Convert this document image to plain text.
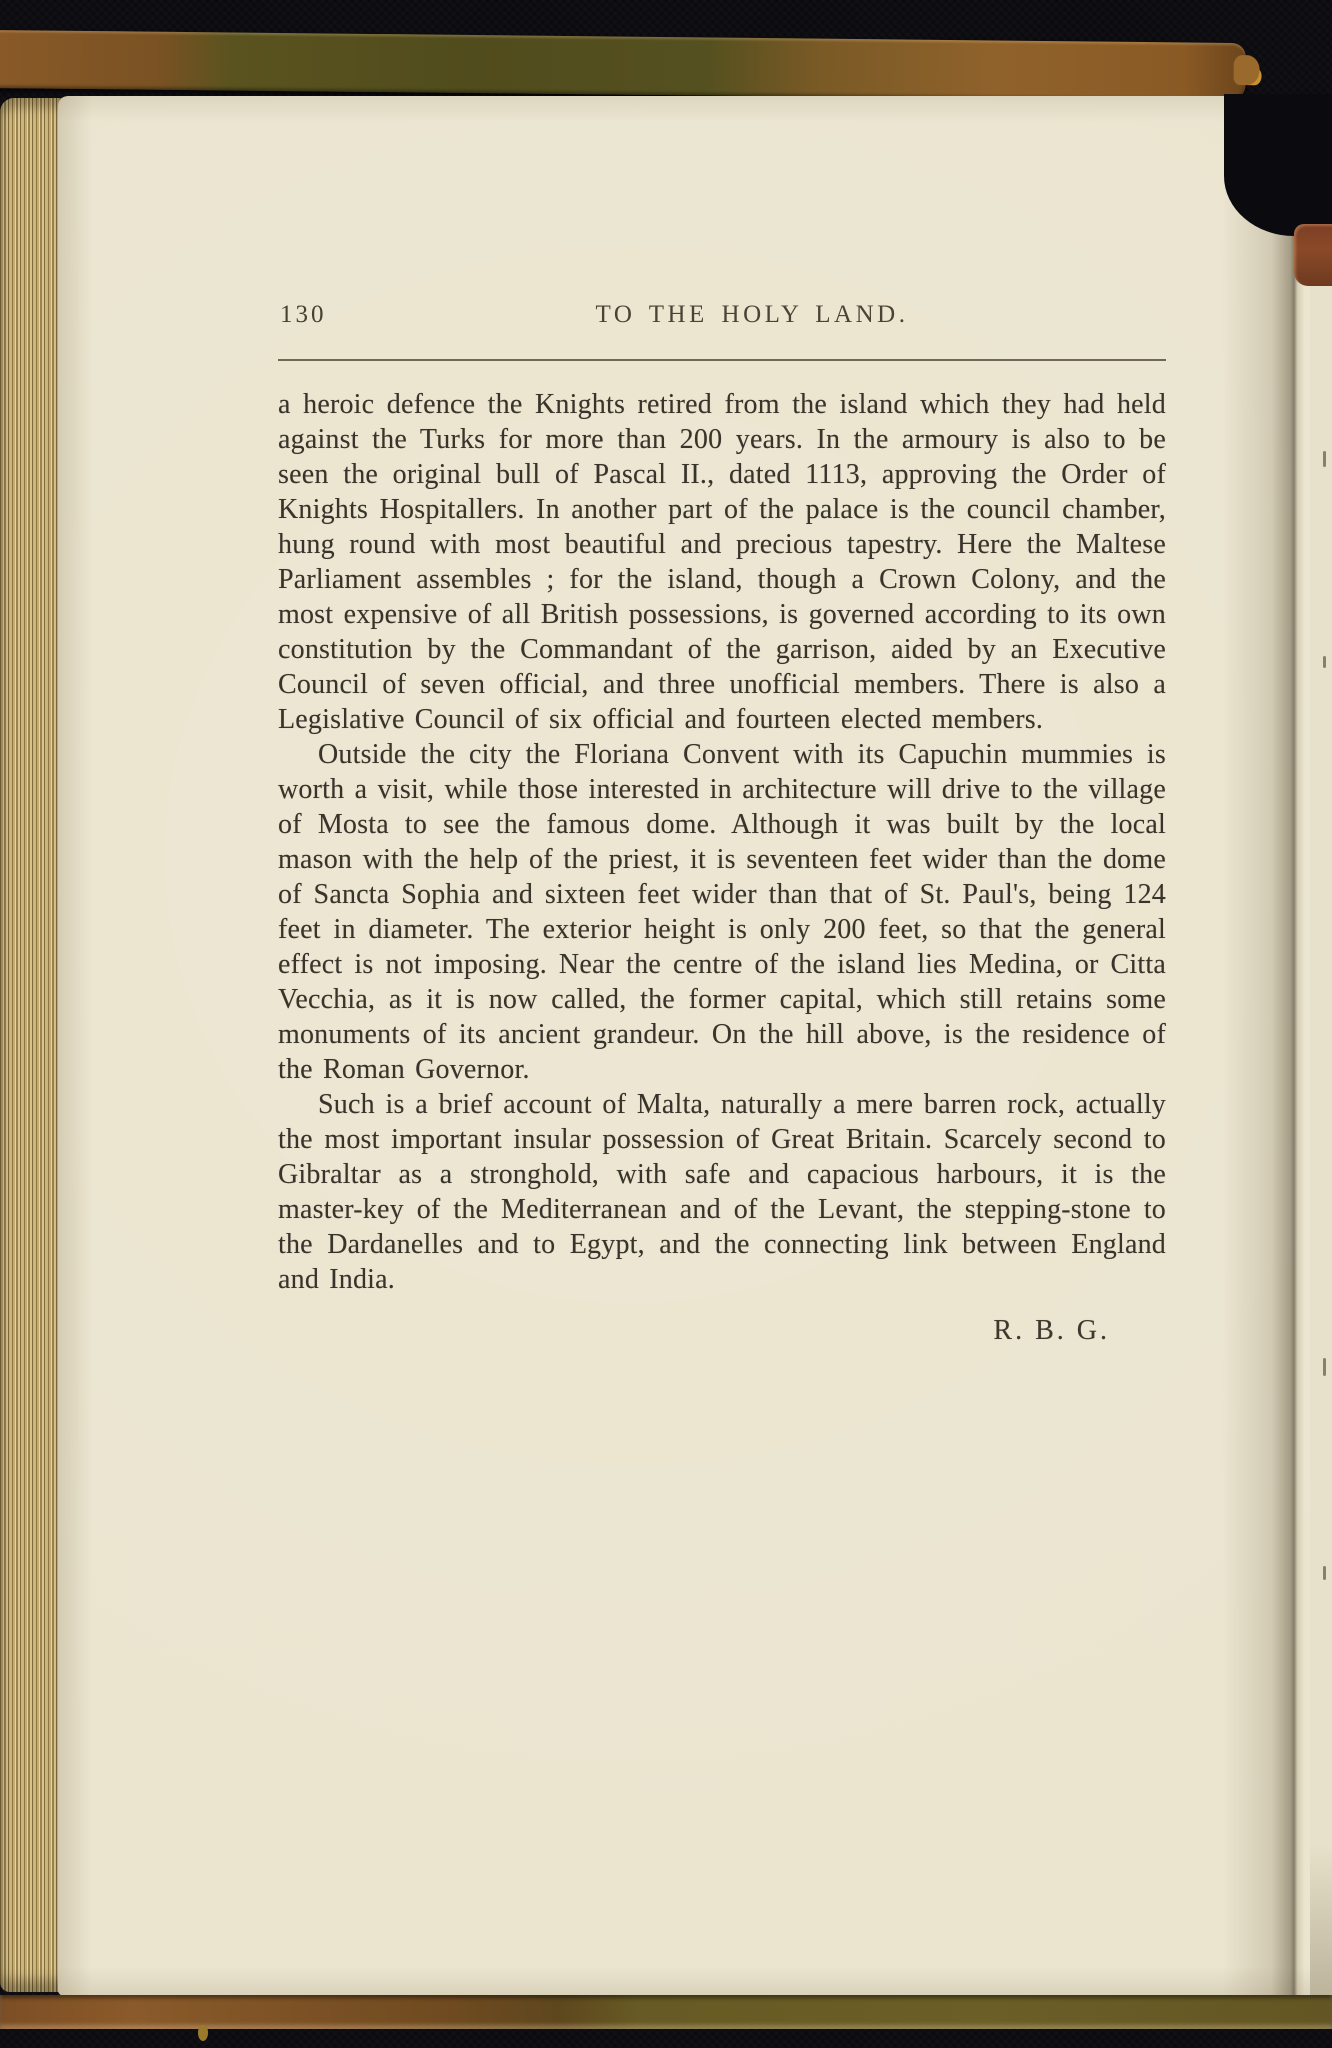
130	TO THE HOLY LAND.

a heroic defence the Knights retired from the island which they had held against the Turks for more than 200 years. In the armoury is also to be seen the original bull of Pascal II., dated 1113, approving the Order of Knights Hospitallers. In another part of the palace is the council chamber, hung round with most beautiful and precious tapestry. Here the Maltese Parliament assembles ; for the island, though a Crown Colony, and the most expensive of all British possessions, is governed according to its own constitution by the Commandant of the garrison, aided by an Executive Council of seven official, and three unofficial members. There is also a Legislative Council of six official and fourteen elected members.

Outside the city the Floriana Convent with its Capuchin mummies is worth a visit, while those interested in architecture will drive to the village of Mosta to see the famous dome. Although it was built by the local mason with the help of the priest, it is seventeen feet wider than the dome of Sancta Sophia and sixteen feet wider than that of St. Paul's, being 124 feet in diameter. The exterior height is only 200 feet, so that the general effect is not imposing. Near the centre of the island lies Medina, or Citta Vecchia, as it is now called, the former capital, which still retains some monuments of its ancient grandeur. On the hill above, is the residence of the Roman Governor.

Such is a brief account of Malta, naturally a mere barren rock, actually the most important insular possession of Great Britain. Scarcely second to Gibraltar as a stronghold, with safe and capacious harbours, it is the master-key of the Mediterranean and of the Levant, the stepping-stone to the Dardanelles and to Egypt, and the connecting link between England and India.

R. B. G.
